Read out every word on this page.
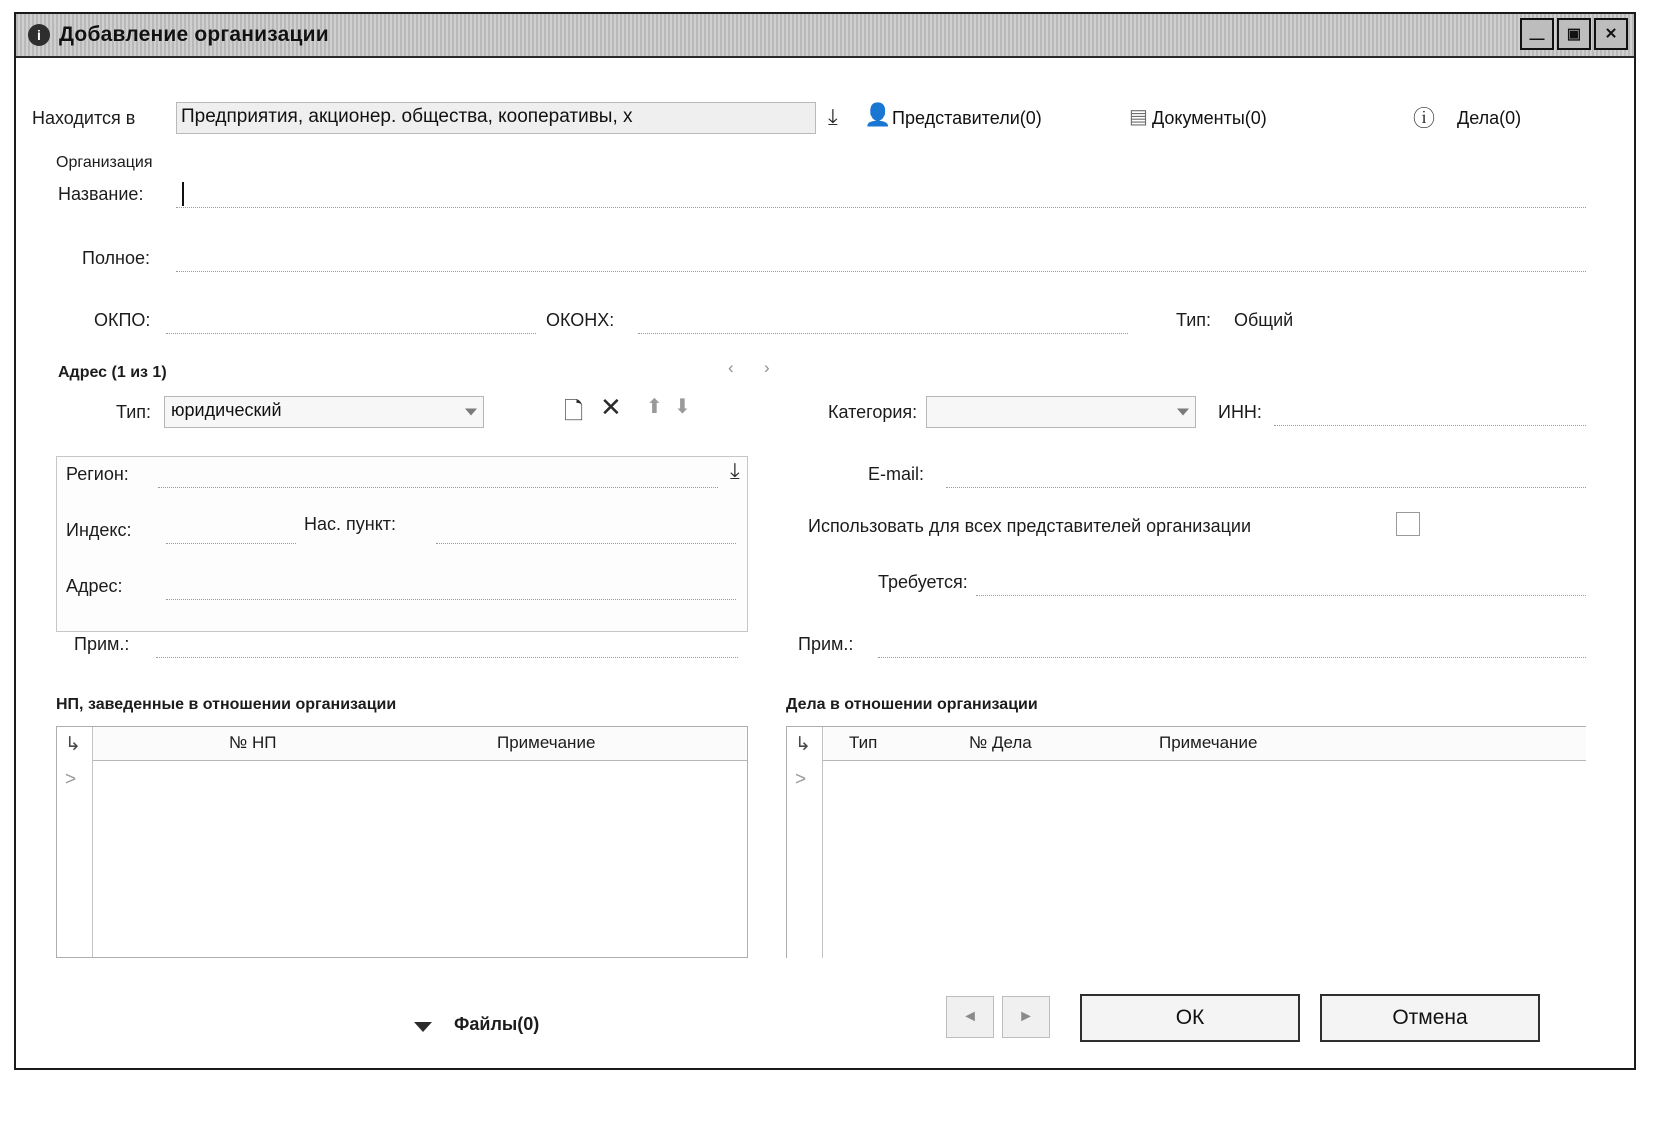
i Добавление организации	— ▣ ✕
Находится в Предприятия, акционер. общества, кооперативы, х	⤓ 👤 Представители(0)	▤ Документы(0)	ⓘ Дела(0)
Организация
Название:
Полное:
ОКПО:	ОКОНХ:	Тип: Общий
Адрес (1 из 1)	‹ ›
Тип:	юридический	🗋 ✕ ⬆ ⬇	Категория:	ИНН:
Регион:	⤓
Индекс:	Нас. пункт:
Адрес:
Прим.:
E-mail:
Использовать для всех представителей организации
Требуется:
Прим.:
НП, заведенные в отношении организации
№ НП	Примечание
↳
>
Дела в отношении организации
Тип	№ Дела	Примечание
↳
>
Файлы(0)	◄	►	ОК	Отмена
